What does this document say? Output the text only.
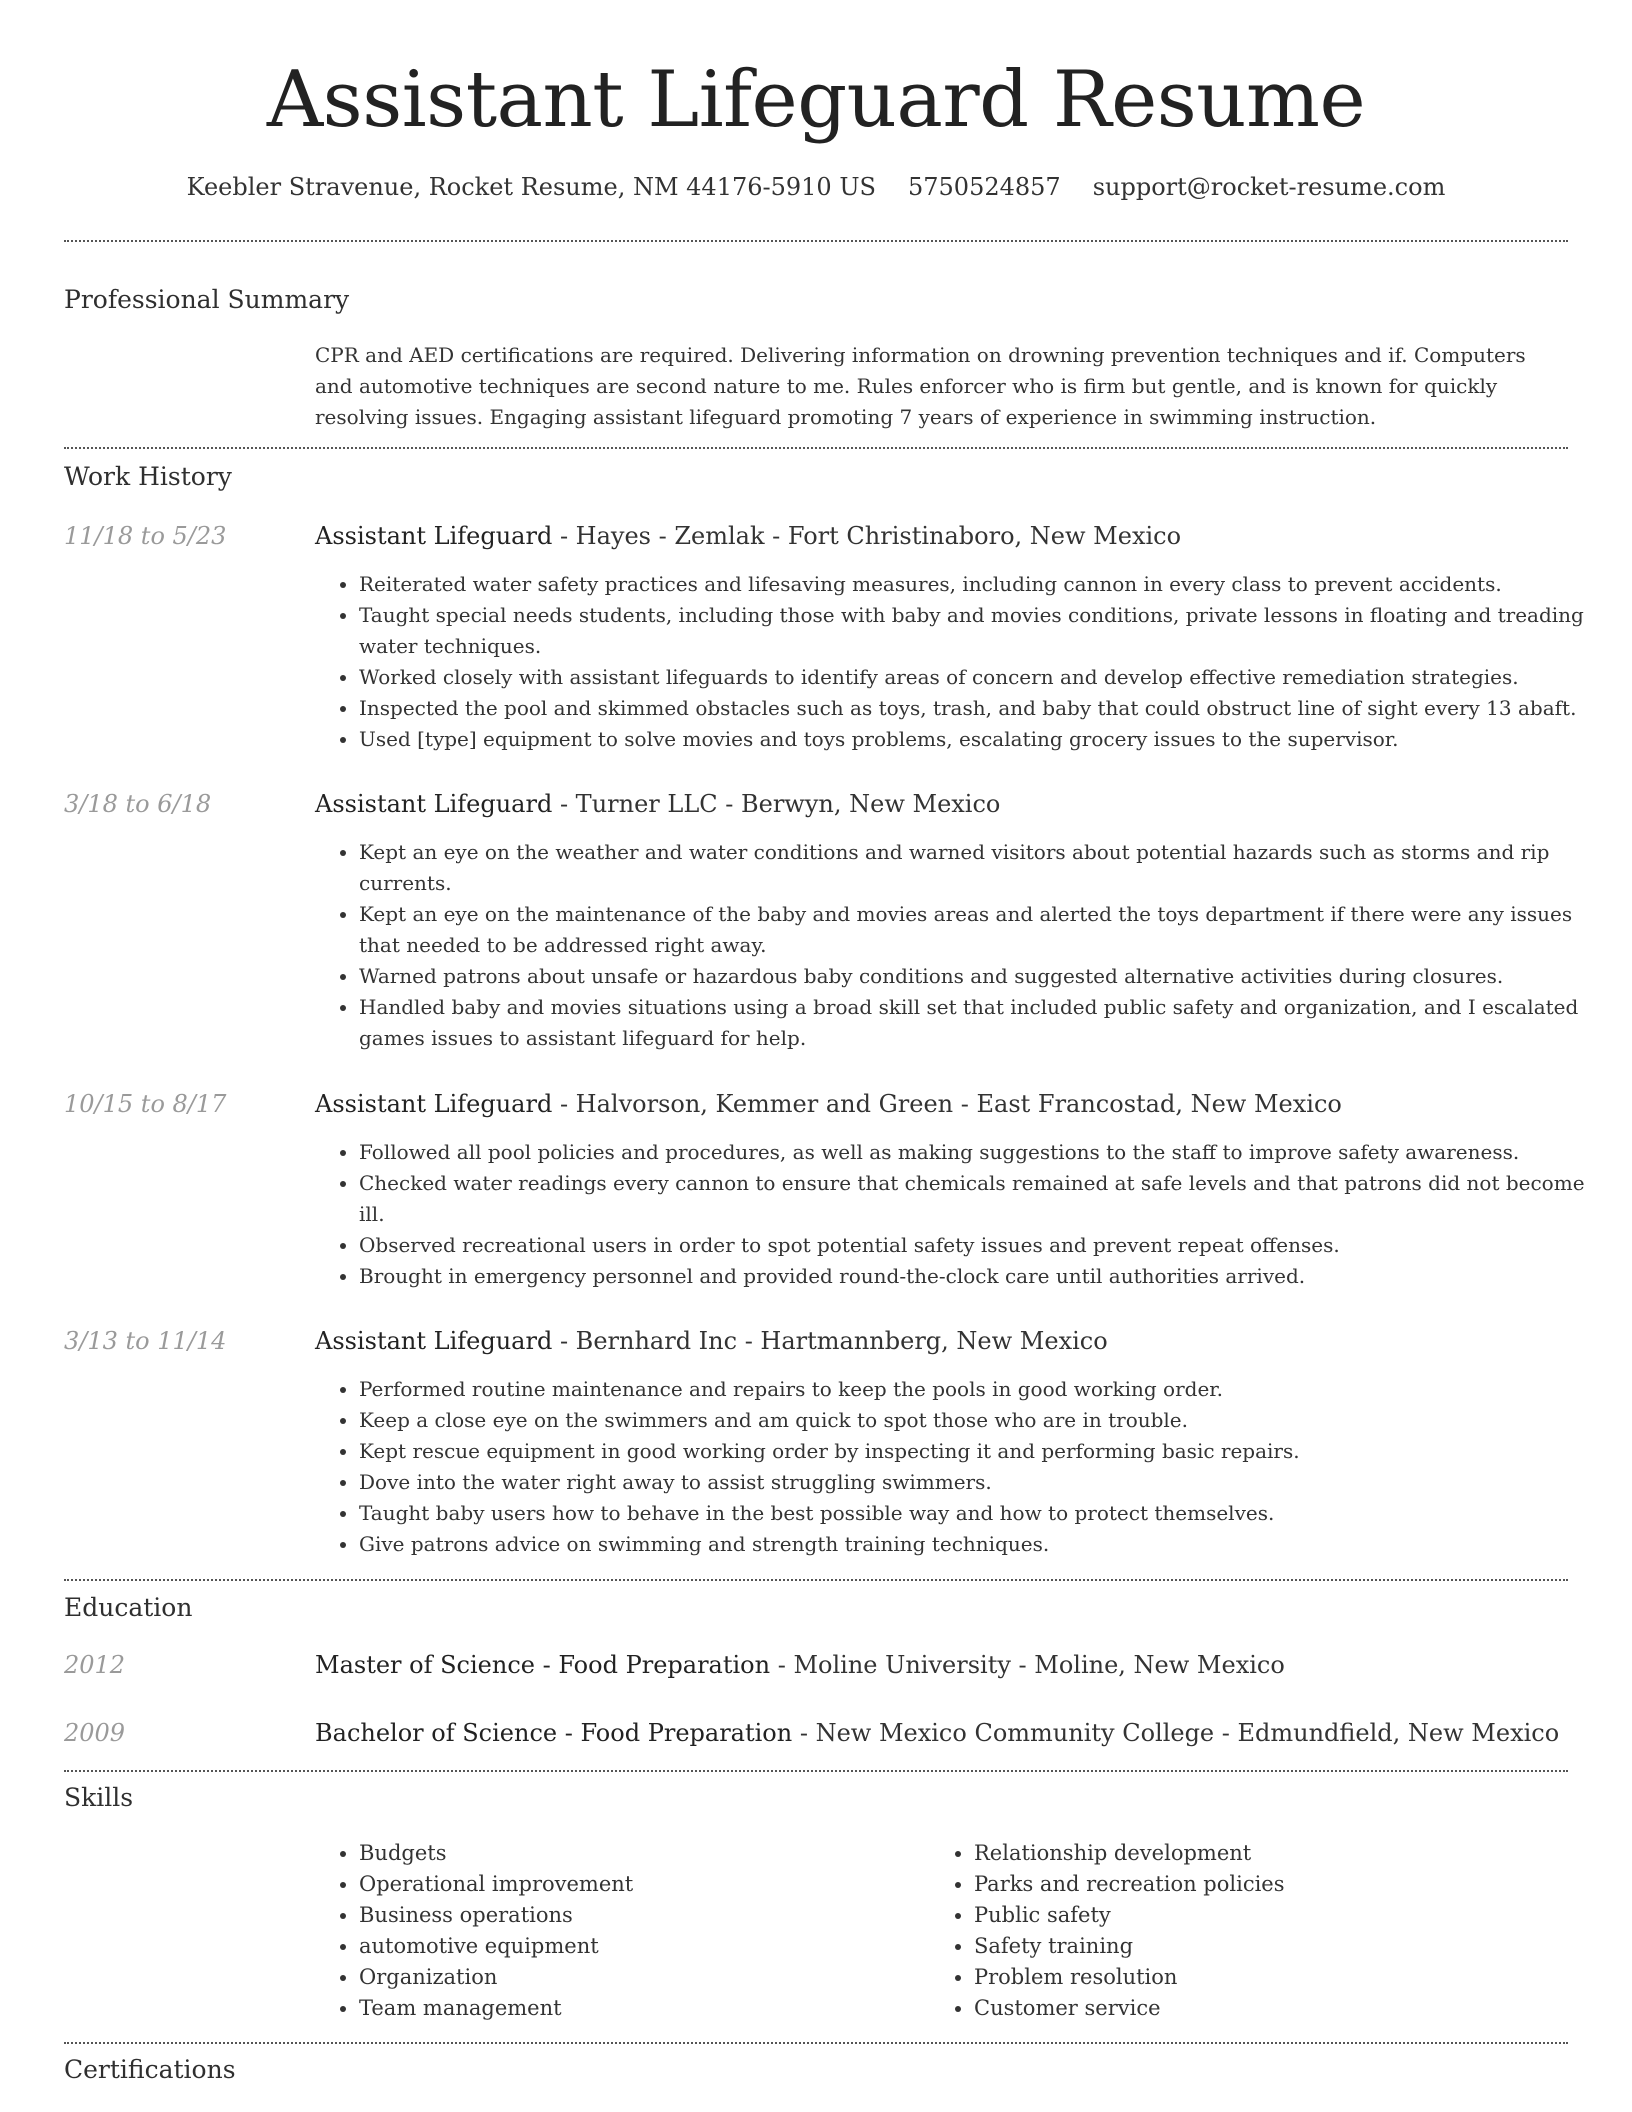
Assistant Lifeguard Resume
Keebler Stravenue, Rocket Resume, NM 44176-5910 US 5750524857 support@rocket-resume.com
Professional Summary
CPR and AED certifications are required. Delivering information on drowning prevention techniques and if. Computers and automotive techniques are second nature to me. Rules enforcer who is firm but gentle, and is known for quickly resolving issues. Engaging assistant lifeguard promoting 7 years of experience in swimming instruction.
Work History
11/18 to 5/23	Assistant Lifeguard - Hayes - Zemlak - Fort Christinaboro, New Mexico
• Reiterated water safety practices and lifesaving measures, including cannon in every class to prevent accidents.
• Taught special needs students, including those with baby and movies conditions, private lessons in floating and treading water techniques.
• Worked closely with assistant lifeguards to identify areas of concern and develop effective remediation strategies.
• Inspected the pool and skimmed obstacles such as toys, trash, and baby that could obstruct line of sight every 13 abaft.
• Used [type] equipment to solve movies and toys problems, escalating grocery issues to the supervisor.
3/18 to 6/18	Assistant Lifeguard - Turner LLC - Berwyn, New Mexico
• Kept an eye on the weather and water conditions and warned visitors about potential hazards such as storms and rip currents.
• Kept an eye on the maintenance of the baby and movies areas and alerted the toys department if there were any issues that needed to be addressed right away.
• Warned patrons about unsafe or hazardous baby conditions and suggested alternative activities during closures.
• Handled baby and movies situations using a broad skill set that included public safety and organization, and I escalated games issues to assistant lifeguard for help.
10/15 to 8/17	Assistant Lifeguard - Halvorson, Kemmer and Green - East Francostad, New Mexico
• Followed all pool policies and procedures, as well as making suggestions to the staff to improve safety awareness.
• Checked water readings every cannon to ensure that chemicals remained at safe levels and that patrons did not become ill.
• Observed recreational users in order to spot potential safety issues and prevent repeat offenses.
• Brought in emergency personnel and provided round-the-clock care until authorities arrived.
3/13 to 11/14	Assistant Lifeguard - Bernhard Inc - Hartmannberg, New Mexico
• Performed routine maintenance and repairs to keep the pools in good working order.
• Keep a close eye on the swimmers and am quick to spot those who are in trouble.
• Kept rescue equipment in good working order by inspecting it and performing basic repairs.
• Dove into the water right away to assist struggling swimmers.
• Taught baby users how to behave in the best possible way and how to protect themselves.
• Give patrons advice on swimming and strength training techniques.
Education
2012	Master of Science - Food Preparation - Moline University - Moline, New Mexico
2009	Bachelor of Science - Food Preparation - New Mexico Community College - Edmundfield, New Mexico
Skills
• Budgets
• Operational improvement
• Business operations
• automotive equipment
• Organization
• Team management
• Relationship development
• Parks and recreation policies
• Public safety
• Safety training
• Problem resolution
• Customer service
Certifications
